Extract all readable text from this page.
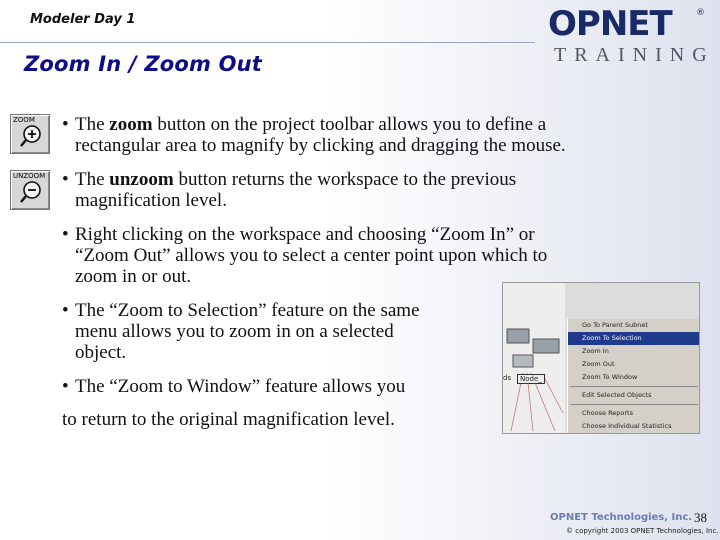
Modeler Day 1
Zoom In / Zoom Out
OPNET	®
TRAINING
ZOOM
UNZOOM
• The zoom button on the project toolbar allows you to define a
rectangular area to magnify by clicking and dragging the mouse.
• The unzoom button returns the workspace to the previous
magnification level.
• Right clicking on the workspace and choosing “Zoom In” or
“Zoom Out” allows you to select a center point upon which to
zoom in or out.
• The “Zoom to Selection” feature on the same
menu allows you to zoom in on a selected
object.
• The “Zoom to Window” feature allows you
to return to the original magnification level.
ds	Node_
Go To Parent Subnet
Zoom To Selection
Zoom In
Zoom Out
Zoom To Window
Edit Selected Objects
Choose Reports
Choose Individual Statistics
OPNET Technologies, Inc. 38
© copyright 2003 OPNET Technologies, Inc.
